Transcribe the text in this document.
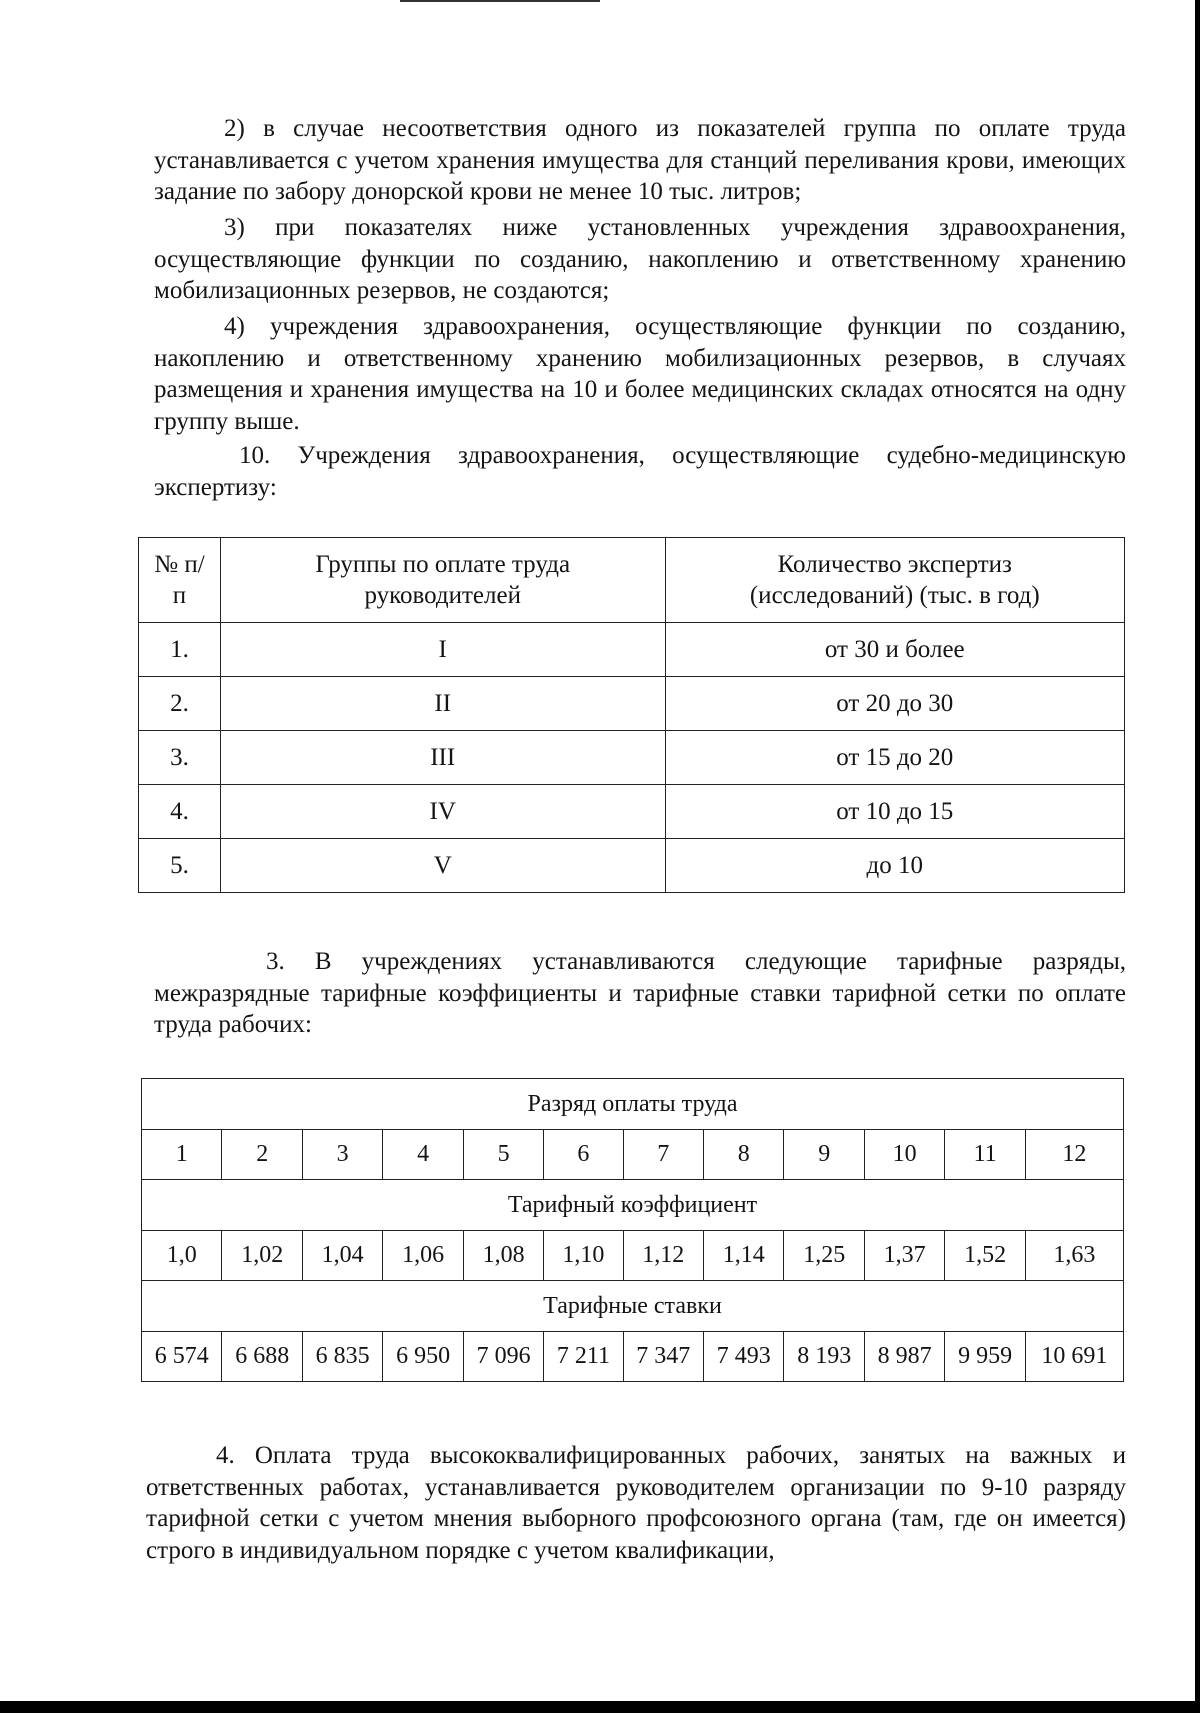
2) в случае несоответствия одного из показателей группа по оплате труда устанавливается с учетом хранения имущества для станций переливания крови, имеющих задание по забору донорской крови не менее 10 тыс. литров;

3) при показателях ниже установленных учреждения здравоохранения, осуществляющие функции по созданию, накоплению и ответственному хранению мобилизационных резервов, не создаются;

4) учреждения здравоохранения, осуществляющие функции по созданию, накоплению и ответственному хранению мобилизационных резервов, в случаях размещения и хранения имущества на 10 и более медицинских складах относятся на одну группу выше.

10. Учреждения здравоохранения, осуществляющие судебно-медицинскую экспертизу:

№ п/п	Группы по оплате труда руководителей	Количество экспертиз (исследований) (тыс. в год)
1.	I	от 30 и более
2.	II	от 20 до 30
3.	III	от 15 до 20
4.	IV	от 10 до 15
5.	V	до 10

3. В учреждениях устанавливаются следующие тарифные разряды, межразрядные тарифные коэффициенты и тарифные ставки тарифной сетки по оплате труда рабочих:

Разряд оплаты труда											
1	2	3	4	5	6	7	8	9	10	11	12
Тарифный коэффициент											
1,0	1,02	1,04	1,06	1,08	1,10	1,12	1,14	1,25	1,37	1,52	1,63
Тарифные ставки											
6 574	6 688	6 835	6 950	7 096	7 211	7 347	7 493	8 193	8 987	9 959	10 691

4. Оплата труда высококвалифицированных рабочих, занятых на важных и ответственных работах, устанавливается руководителем организации по 9-10 разряду тарифной сетки с учетом мнения выборного профсоюзного органа (там, где он имеется) строго в индивидуальном порядке с учетом квалификации,
